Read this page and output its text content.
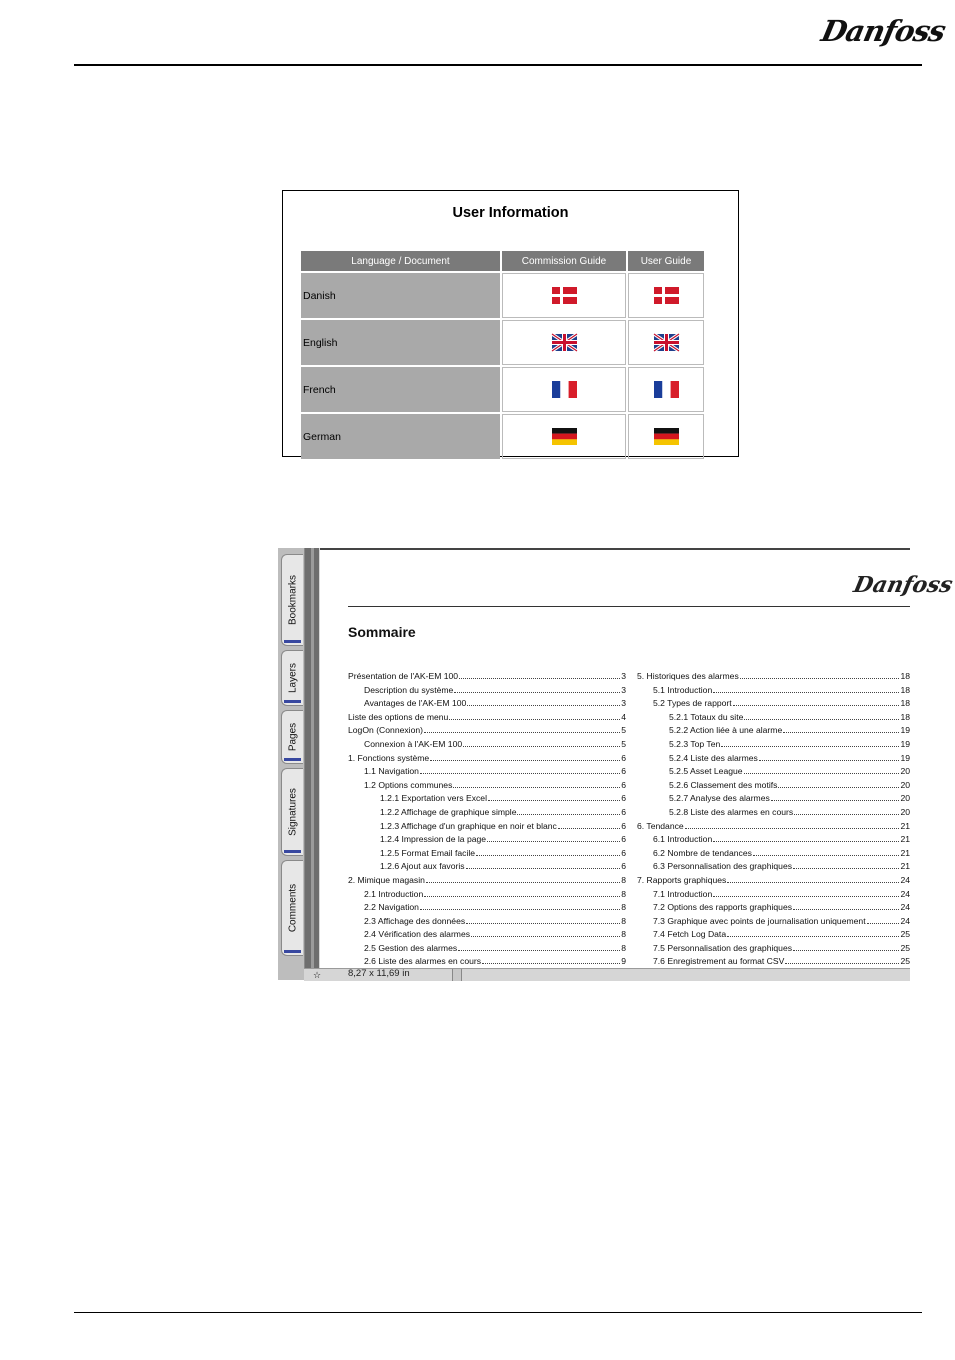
Danfoss
User Information
Language / Document	Commission Guide	User Guide
Danish	

English	

French	

German	

Bookmarks
Layers
Pages
Signatures
Comments
Danfoss
Sommaire
Présentation de l'AK-EM 100	3
Description du système	3
Avantages de l'AK-EM 100	3
Liste des options de menu	4
LogOn (Connexion)	5
Connexion à l'AK-EM 100	5
1. Fonctions système	6
1.1 Navigation	6
1.2 Options communes	6
1.2.1 Exportation vers Excel	6
1.2.2 Affichage de graphique simple	6
1.2.3 Affichage d'un graphique en noir et blanc	6
1.2.4 Impression de la page	6
1.2.5 Format Email facile	6
1.2.6 Ajout aux favoris	6
2. Mimique magasin	8
2.1 Introduction	8
2.2 Navigation	8
2.3 Affichage des données	8
2.4 Vérification des alarmes	8
2.5 Gestion des alarmes	8
2.6 Liste des alarmes en cours	9
5. Historiques des alarmes	18
5.1 Introduction	18
5.2 Types de rapport	18
5.2.1 Totaux du site	18
5.2.2 Action liée à une alarme	19
5.2.3 Top Ten	19
5.2.4 Liste des alarmes	19
5.2.5 Asset League	20
5.2.6 Classement des motifs	20
5.2.7 Analyse des alarmes	20
5.2.8 Liste des alarmes en cours	20
6. Tendance	21
6.1 Introduction	21
6.2 Nombre de tendances	21
6.3 Personnalisation des graphiques	21
7. Rapports graphiques	24
7.1 Introduction	24
7.2 Options des rapports graphiques	24
7.3 Graphique avec points de journalisation uniquement	24
7.4 Fetch Log Data	25
7.5 Personnalisation des graphiques	25
7.6 Enregistrement au format CSV	25
☆	8,27 x 11,69 in
